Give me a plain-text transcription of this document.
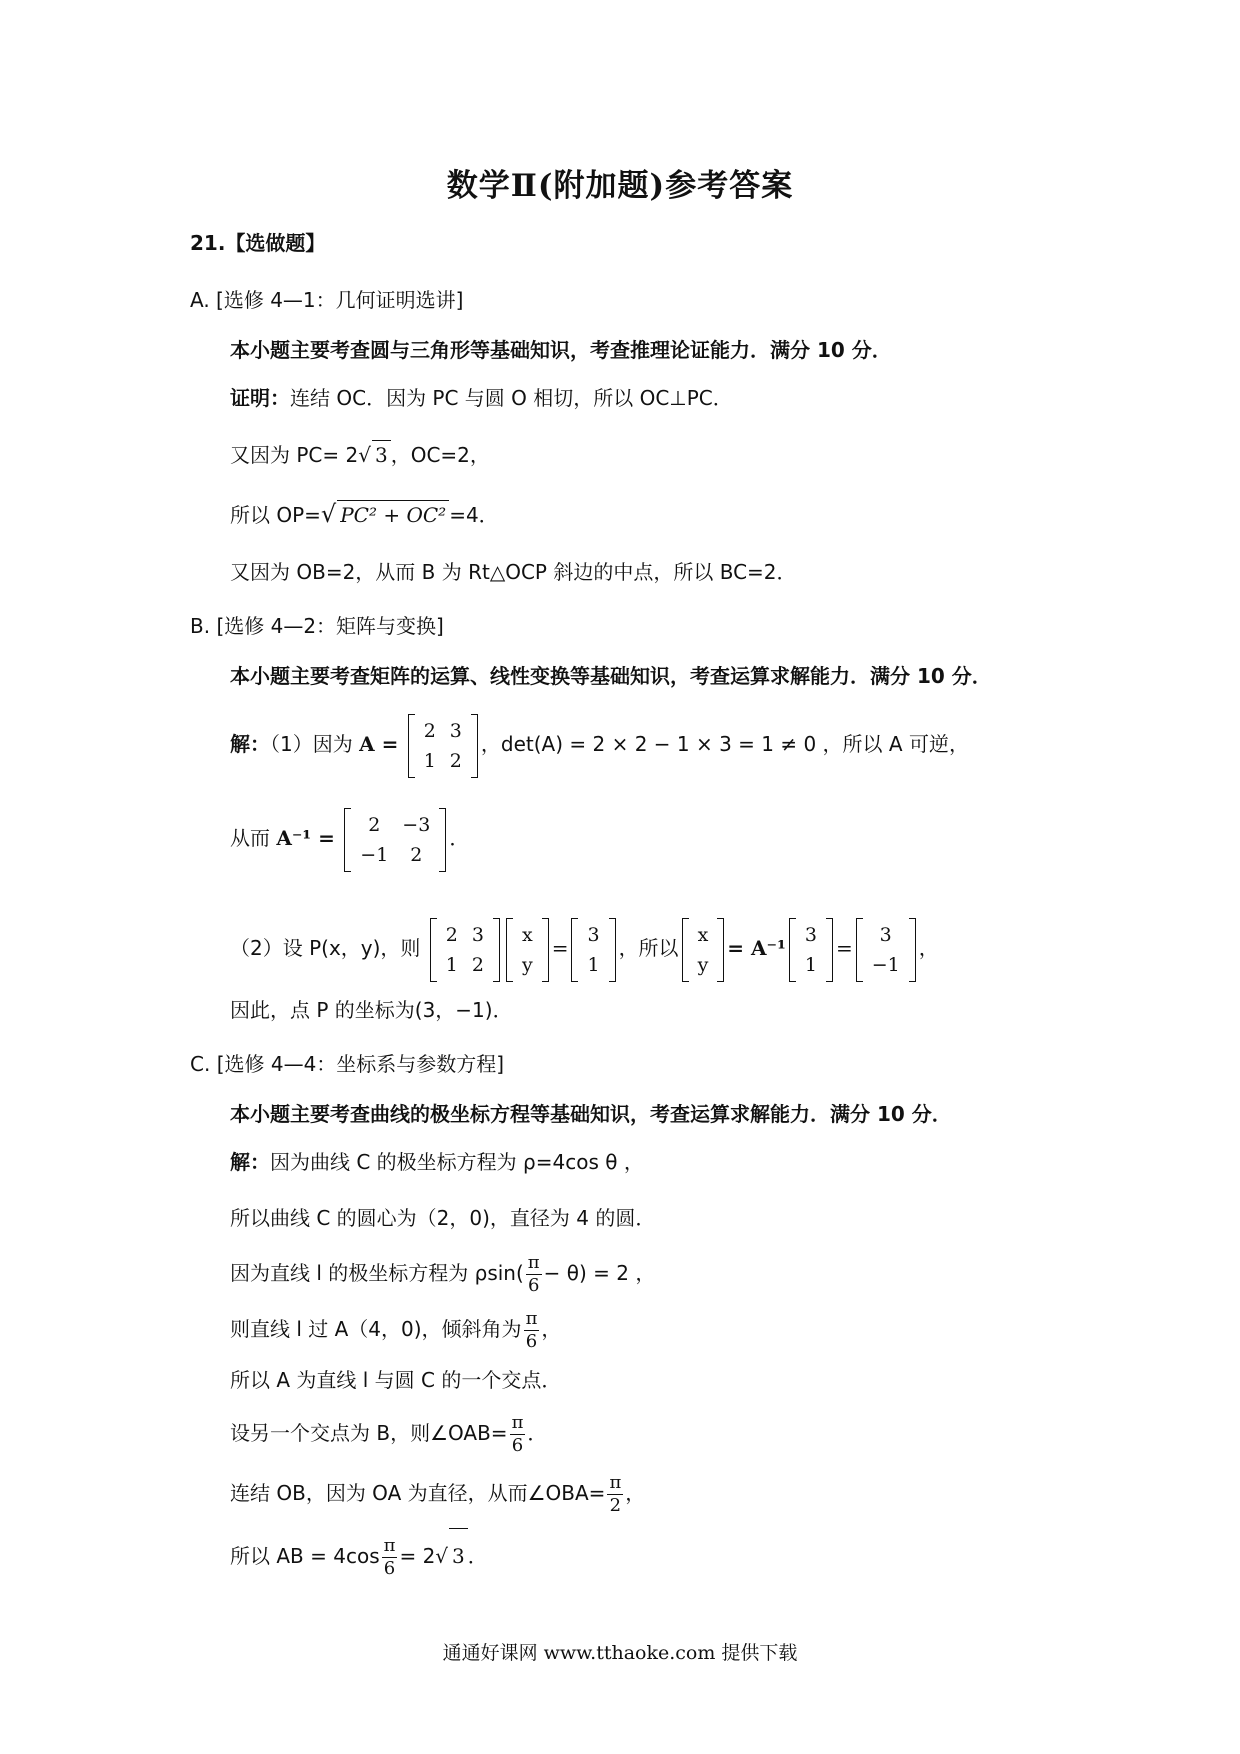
数学Ⅱ(附加题)参考答案
21.【选做题】
A. [选修 4—1：几何证明选讲]
本小题主要考查圆与三角形等基础知识，考查推理论证能力．满分 10 分．
证明：连结 OC．因为 PC 与圆 O 相切，所以 OC⊥PC．
又因为 PC= 2√ 3 ，OC=2，
所以 OP=√ PC² + OC² =4．
又因为 OB=2，从而 B 为 Rt△OCP 斜边的中点，所以 BC=2．
B. [选修 4—2：矩阵与变换]
本小题主要考查矩阵的运算、线性变换等基础知识，考查运算求解能力．满分 10 分．
解：（1）因为 A =
2	3
1	2
，det(A) = 2 × 2 − 1 × 3 = 1 ≠ 0 ，所以 A 可逆，
从而 A⁻¹ =
2	−3
−1	2
．
（2）设 P(x，y)，则
2	3
1	2
x
y
=
3
1
，所以
x
y
= A⁻¹
3
1
=
3
−1
，
因此，点 P 的坐标为(3，−1)．
C. [选修 4—4：坐标系与参数方程]
本小题主要考查曲线的极坐标方程等基础知识，考查运算求解能力．满分 10 分．
解：因为曲线 C 的极坐标方程为 ρ=4cos θ ，
所以曲线 C 的圆心为（2，0)，直径为 4 的圆．
因为直线 l 的极坐标方程为 $\rho\sin( \frac{\pi}{6} - \theta) = 2$ ，
则直线 l 过 A（4，0)，倾斜角为 $\frac{\pi}{6}$ ，
所以 A 为直线 l 与圆 C 的一个交点．
设另一个交点为 B，则∠OAB= $\frac{\pi}{6}$ ．
连结 OB，因为 OA 为直径，从而∠OBA= $\frac{\pi}{2}$ ，
所以 AB = $4\cos \frac{\pi}{6} = 2√$ 3 ．
通通好课网 www.tthaoke.com 提供下载
